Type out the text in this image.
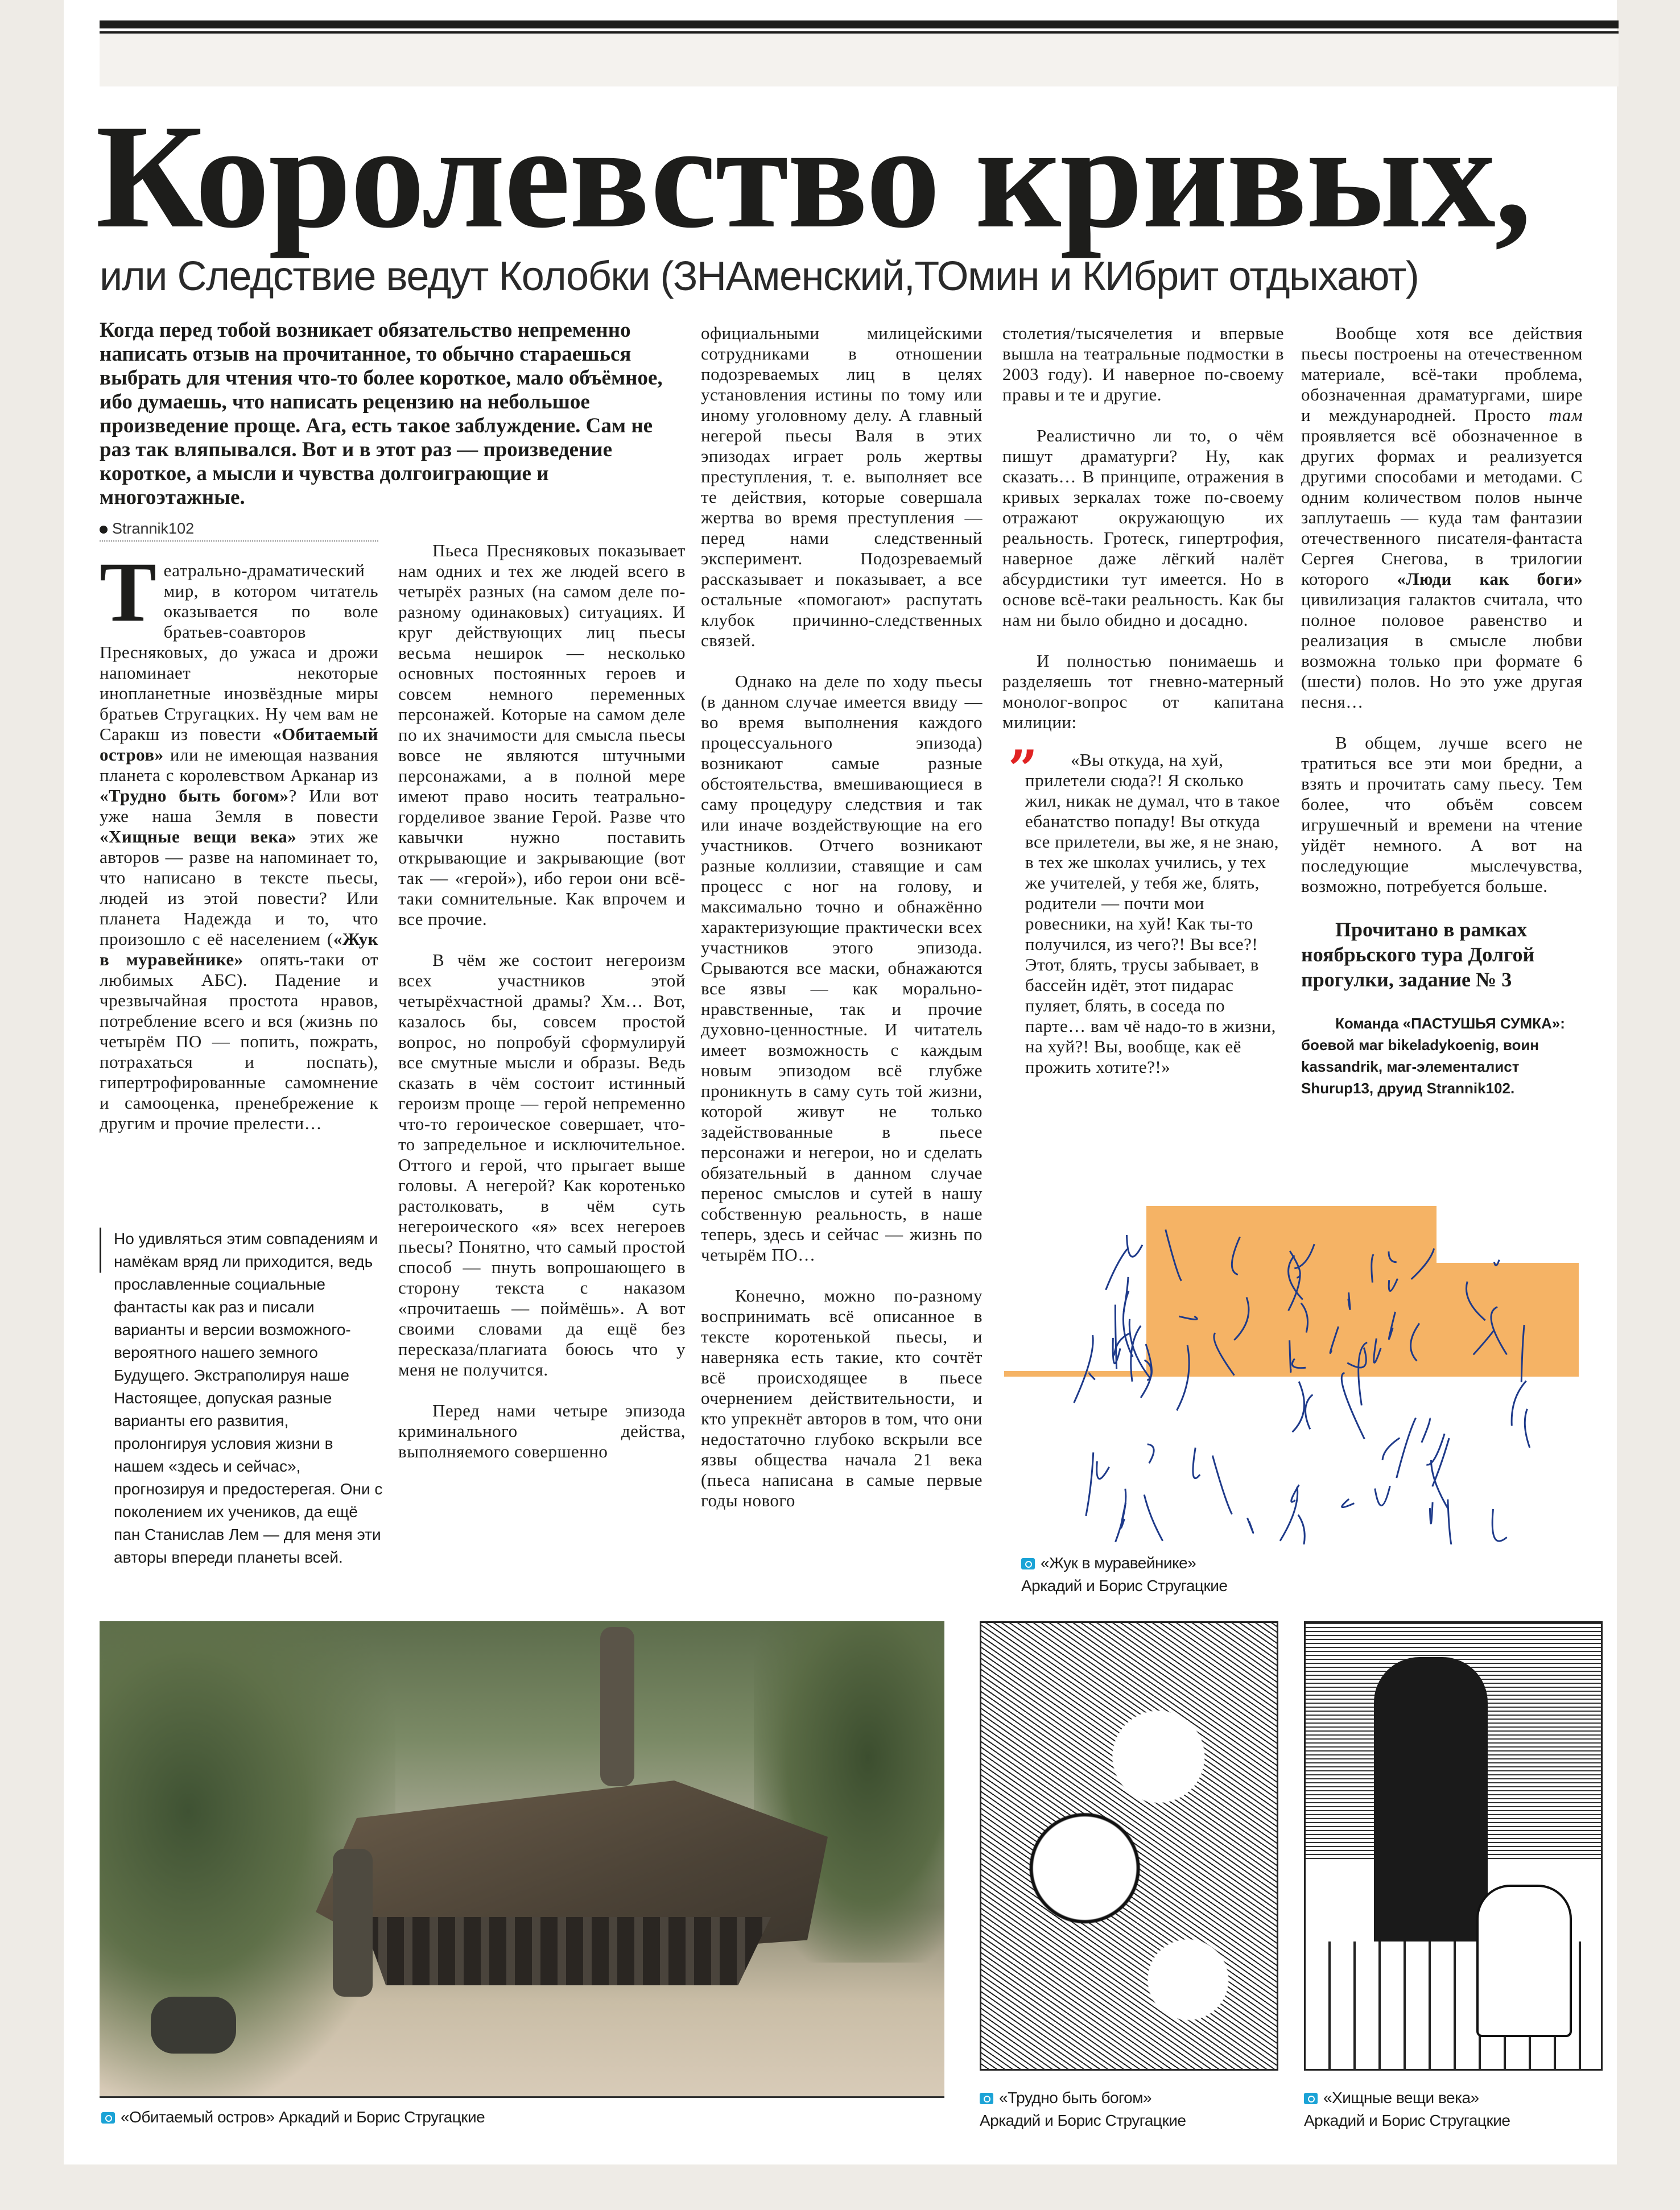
Королевство кривых,
или Следствие ведут Колобки (ЗНАменский,ТОмин и КИбрит отдыхают)
Когда перед тобой возникает обязательство непременно написать отзыв на прочитанное, то обычно стараешься выбрать для чтения что-то более короткое, мало объёмное, ибо думаешь, что написать рецензию на небольшое произведение проще. Ага, есть такое заблуждение. Сам не раз так вляпывался. Вот и в этот раз — произведение короткое, а мысли и чувства долгоиграющие и многоэтажные.
Strannik102

Театрально-драматический мир, в котором читатель оказывается по воле братьев-соавторов Пресняковых, до ужаса и дрожи напоминает некоторые инопланетные инозвёздные миры братьев Стругацких. Ну чем вам не Саракш из повести «Обитаемый остров» или не имеющая названия планета с королевством Арканар из «Трудно быть богом»? Или вот уже наша Земля в повести «Хищные вещи века» этих же авторов — разве на напоминает то, что написано в тексте пьесы, людей из этой повести? Или планета Надежда и то, что произошло с её населением («Жук в муравейнике» опять-таки от любимых АБС). Падение и чрезвычайная простота нравов, потребление всего и вся (жизнь по четырём ПО — попить, пожрать, потрахаться и поспать), гипертрофированные самомнение и самооценка, пренебрежение к другим и прочие прелести…

Но удивляться этим совпадениям и намёкам вряд ли приходится, ведь прославленные социальные фантасты как раз и писали варианты и версии возможного-вероятного нашего земного Будущего. Экстраполируя наше Настоящее, допуская разные варианты его развития, пролонгируя условия жизни в нашем «здесь и сейчас», прогнозируя и предостерегая. Они с поколением их учеников, да ещё пан Станислав Лем — для меня эти авторы впереди планеты всей.

Пьеса Пресняковых показывает нам одних и тех же людей всего в четырёх разных (на самом деле по-разному одинаковых) ситуациях. И круг действующих лиц пьесы весьма неширок — несколько основных постоянных героев и совсем немного переменных персонажей. Которые на самом деле по их значимости для смысла пьесы вовсе не являются штучными персонажами, а в полной мере имеют право носить театрально-горделивое звание Герой. Разве что кавычки нужно поставить открывающие и закрывающие (вот так — «герой»), ибо герои они всё-таки сомнительные. Как впрочем и все прочие.

В чём же состоит негероизм всех участников этой четырёхчастной драмы? Хм… Вот, казалось бы, совсем простой вопрос, но попробуй сформулируй все смутные мысли и образы. Ведь сказать в чём состоит истинный героизм проще — герой непременно что-то героическое совершает, что-то запредельное и исключительное. Оттого и герой, что прыгает выше головы. А негерой? Как коротенько растолковать, в чём суть негероического «я» всех негероев пьесы? Понятно, что самый простой способ — пнуть вопрошающего в сторону текста с наказом «прочитаешь — поймёшь». А вот своими словами да ещё без пересказа/плагиата боюсь что у меня не получится.

Перед нами четыре эпизода криминального действа, выполняемого совершенно

официальными милицейскими сотрудниками в отношении подозреваемых лиц в целях установления истины по тому или иному уголовному делу. А главный негерой пьесы Валя в этих эпизодах играет роль жертвы преступления, т. е. выполняет все те действия, которые совершала жертва во время преступления — перед нами следственный эксперимент. Подозреваемый рассказывает и показывает, а все остальные «помогают» распутать клубок причинно-следственных связей.

Однако на деле по ходу пьесы (в данном случае имеется ввиду — во время выполнения каждого процессуального эпизода) возникают самые разные обстоятельства, вмешивающиеся в саму процедуру следствия и так или иначе воздействующие на его участников. Отчего возникают разные коллизии, ставящие и сам процесс с ног на голову, и максимально точно и обнажённо характеризующие практически всех участников этого эпизода. Срываются все маски, обнажаются все язвы — как морально-нравственные, так и прочие духовно-ценностные. И читатель имеет возможность с каждым новым эпизодом всё глубже проникнуть в саму суть той жизни, которой живут не только задействованные в пьесе персонажи и негерои, но и сделать обязательный в данном случае перенос смыслов и сутей в нашу собственную реальность, в наше теперь, здесь и сейчас — жизнь по четырём ПО…

Конечно, можно по-разному воспринимать всё описанное в тексте коротенькой пьесы, и наверняка есть такие, кто сочтёт всё происходящее в пьесе очернением действительности, и кто упрекнёт авторов в том, что они недостаточно глубоко вскрыли все язвы общества начала 21 века (пьеса написана в самые первые годы нового

столетия/тысячелетия и впервые вышла на театральные подмостки в 2003 году). И наверное по-своему правы и те и другие.

Реалистично ли то, о чём пишут драматурги? Ну, как сказать… В принципе, отражения в кривых зеркалах тоже по-своему отражают окружающую их реальность. Гротеск, гипертрофия, наверное даже лёгкий налёт абсурдистики тут имеется. Но в основе всё-таки реальность. Как бы нам ни было обидно и досадно.

И полностью понимаешь и разделяешь тот гневно-матерный монолог-вопрос от капитана милиции:

”	«Вы откуда, на хуй, прилетели сюда?! Я сколько жил, никак не думал, что в такое ебанатство попаду! Вы откуда все прилетели, вы же, я не знаю, в тех же школах учились, у тех же учителей, у тебя же, блять, родители — почти мои ровесники, на хуй! Как ты-то получился, из чего?! Вы все?! Этот, блять, трусы забывает, в бассейн идёт, этот пидарас пуляет, блять, в соседа по парте… вам чё надо-то в жизни, на хуй?! Вы, вообще, как её прожить хотите?!»

Вообще хотя все действия пьесы построены на отечественном материале, всё-таки проблема, обозначенная драматургами, шире и международней. Просто там проявляется всё обозначенное в других формах и реализуется другими способами и методами. С одним количеством полов нынче заплутаешь — куда там фантазии отечественного писателя-фантаста Сергея Снегова, в трилогии которого «Люди как боги» цивилизация галактов считала, что полное половое равенство и реализация в смысле любви возможна только при формате 6 (шести) полов. Но это уже другая песня…

В общем, лучше всего не тратиться все эти мои бредни, а взять и прочитать саму пьесу. Тем более, что объём совсем игрушечный и времени на чтение уйдёт немного. А вот на последующие мыслечувства, возможно, потребуется больше.

Прочитано в рамках ноябрьского тура Долгой прогулки, задание № 3

Команда «ПАСТУШЬЯ СУМКА»: боевой маг bikeladykoenig, воин kassandrik, маг-элементалист Shurup13, друид Strannik102.

«Жук в муравейнике»
Аркадий и Борис Стругацкие
«Обитаемый остров» Аркадий и Борис Стругацкие
«Трудно быть богом»
Аркадий и Борис Стругацкие
«Хищные вещи века»
Аркадий и Борис Стругацкие
